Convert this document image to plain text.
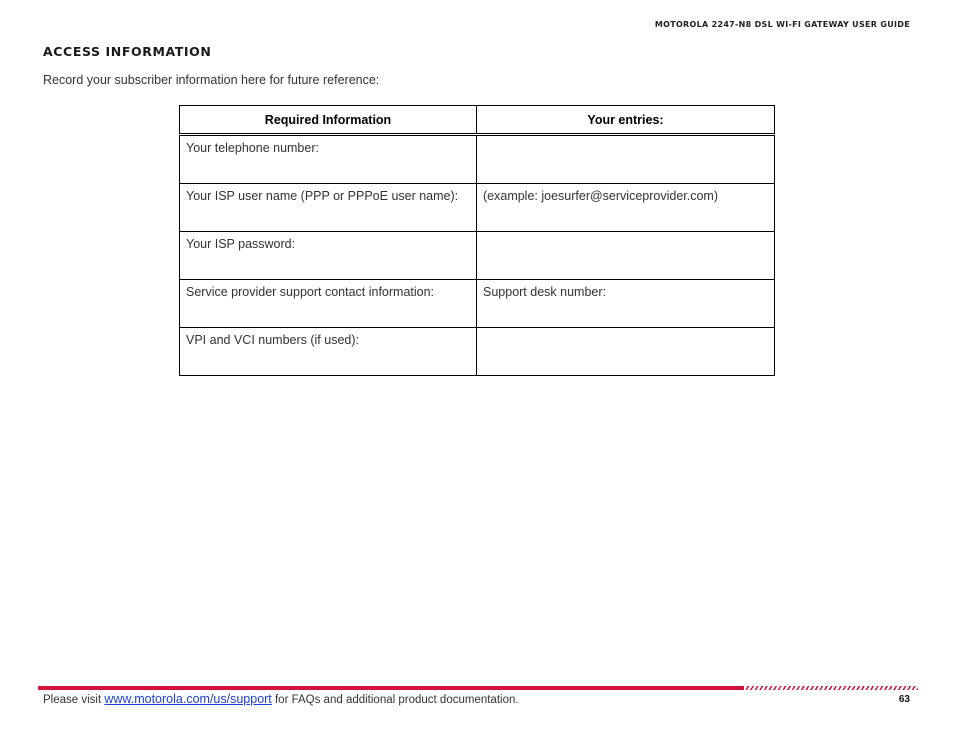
MOTOROLA 2247-N8 DSL WI-FI GATEWAY USER GUIDE
ACCESS INFORMATION
Record your subscriber information here for future reference:
Required Information	Your entries:
Your telephone number:	
Your ISP user name (PPP or PPPoE user name):	(example: joesurfer@serviceprovider.com)
Your ISP password:	
Service provider support contact information:	Support desk number:
VPI and VCI numbers (if used):	
Please visit www.motorola.com/us/support for FAQs and additional product documentation.	63
